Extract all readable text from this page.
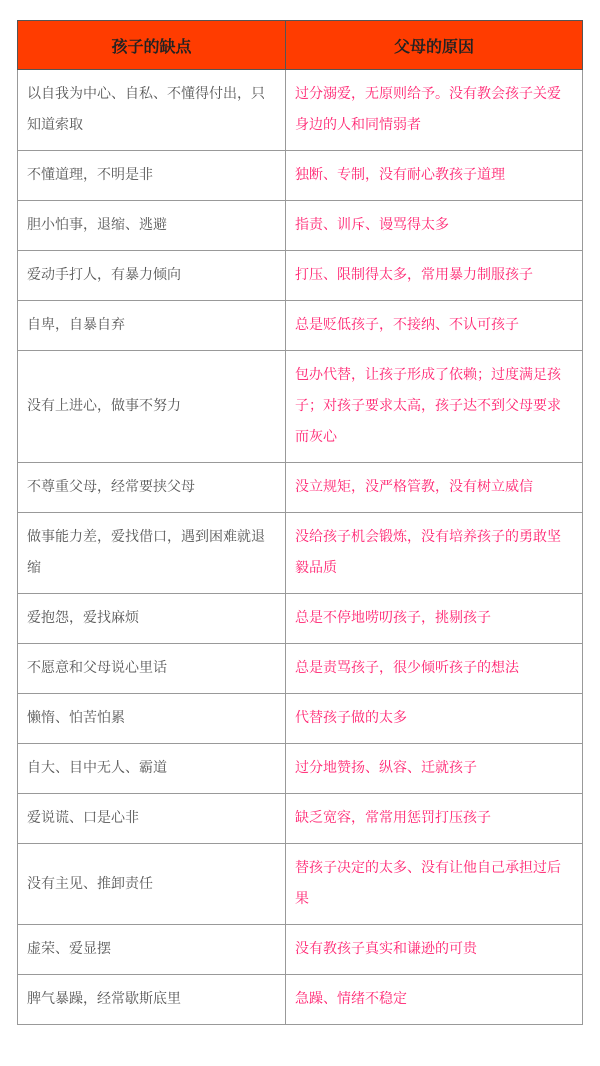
孩子的缺点	父母的原因
以自我为中心、自私、不懂得付出，只知道索取	过分溺爱，无原则给予。没有教会孩子关爱身边的人和同情弱者
不懂道理，不明是非	独断、专制，没有耐心教孩子道理
胆小怕事，退缩、逃避	指责、训斥、谩骂得太多
爱动手打人，有暴力倾向	打压、限制得太多，常用暴力制服孩子
自卑，自暴自弃	总是贬低孩子，不接纳、不认可孩子
没有上进心，做事不努力	包办代替，让孩子形成了依赖；过度满足孩子；对孩子要求太高，孩子达不到父母要求而灰心
不尊重父母，经常要挟父母	没立规矩，没严格管教，没有树立威信
做事能力差，爱找借口，遇到困难就退缩	没给孩子机会锻炼，没有培养孩子的勇敢坚毅品质
爱抱怨，爱找麻烦	总是不停地唠叨孩子，挑剔孩子
不愿意和父母说心里话	总是责骂孩子，很少倾听孩子的想法
懒惰、怕苦怕累	代替孩子做的太多
自大、目中无人、霸道	过分地赞扬、纵容、迁就孩子
爱说谎、口是心非	缺乏宽容，常常用惩罚打压孩子
没有主见、推卸责任	替孩子决定的太多、没有让他自己承担过后果
虚荣、爱显摆	没有教孩子真实和谦逊的可贵
脾气暴躁，经常歇斯底里	急躁、情绪不稳定
